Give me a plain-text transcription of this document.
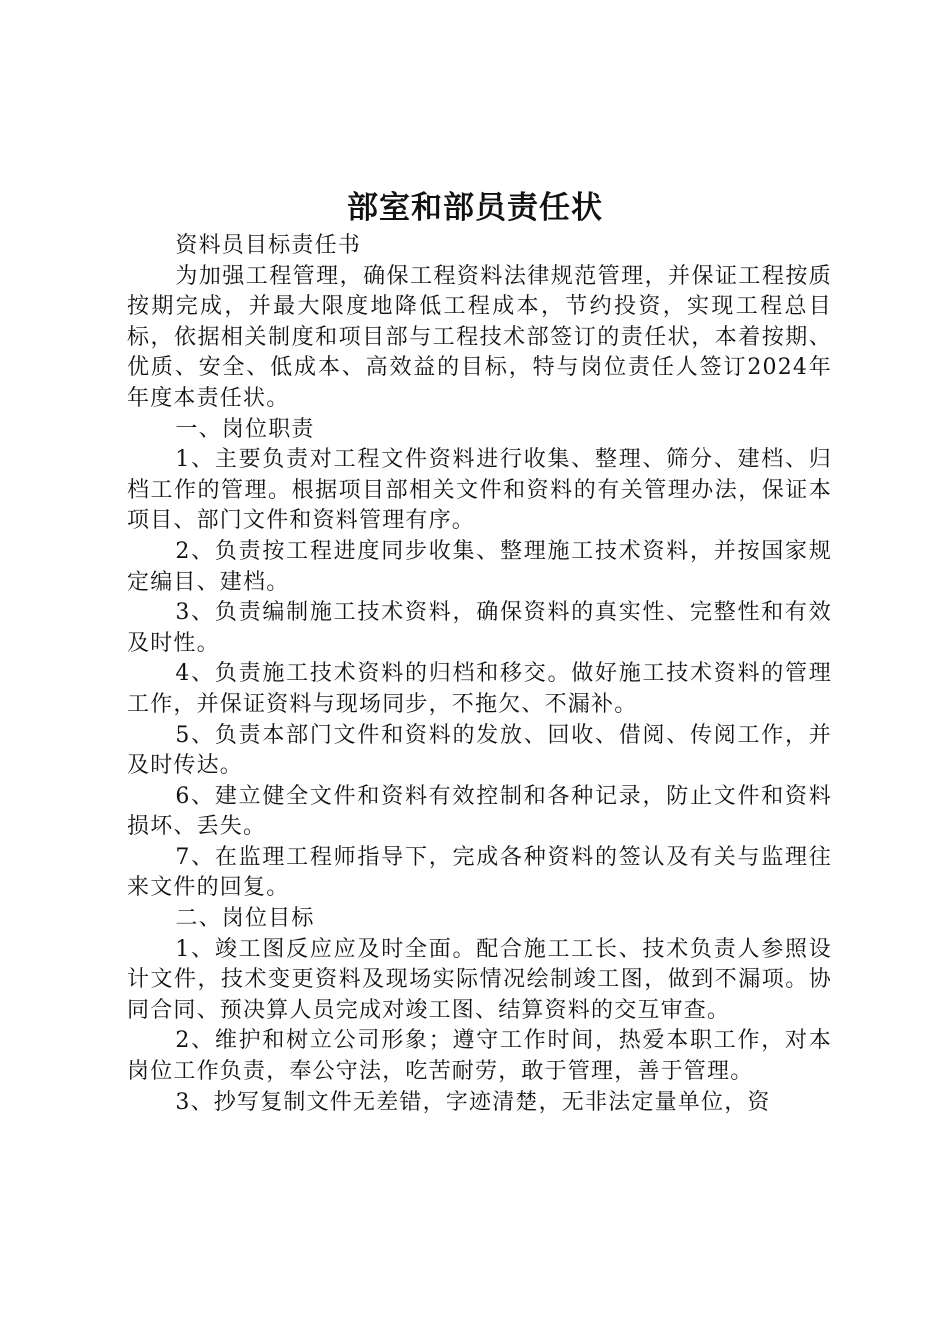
部室和部员责任状

资料员目标责任书

为加强工程管理，确保工程资料法律规范管理，并保证工程按质按期完成，并最大限度地降低工程成本，节约投资，实现工程总目标，依据相关制度和项目部与工程技术部签订的责任状，本着按期、优质、安全、低成本、高效益的目标，特与岗位责任人签订2024年年度本责任状。

一、岗位职责

1、主要负责对工程文件资料进行收集、整理、筛分、建档、归档工作的管理。根据项目部相关文件和资料的有关管理办法，保证本项目、部门文件和资料管理有序。

2、负责按工程进度同步收集、整理施工技术资料，并按国家规定编目、建档。

3、负责编制施工技术资料，确保资料的真实性、完整性和有效及时性。

4、负责施工技术资料的归档和移交。做好施工技术资料的管理工作，并保证资料与现场同步，不拖欠、不漏补。

5、负责本部门文件和资料的发放、回收、借阅、传阅工作，并及时传达。

6、建立健全文件和资料有效控制和各种记录，防止文件和资料损坏、丢失。

7、在监理工程师指导下，完成各种资料的签认及有关与监理往来文件的回复。

二、岗位目标

1、竣工图反应应及时全面。配合施工工长、技术负责人参照设计文件，技术变更资料及现场实际情况绘制竣工图，做到不漏项。协同合同、预决算人员完成对竣工图、结算资料的交互审查。

2、维护和树立公司形象；遵守工作时间，热爱本职工作，对本岗位工作负责，奉公守法，吃苦耐劳，敢于管理，善于管理。

3、抄写复制文件无差错，字迹清楚，无非法定量单位，资
